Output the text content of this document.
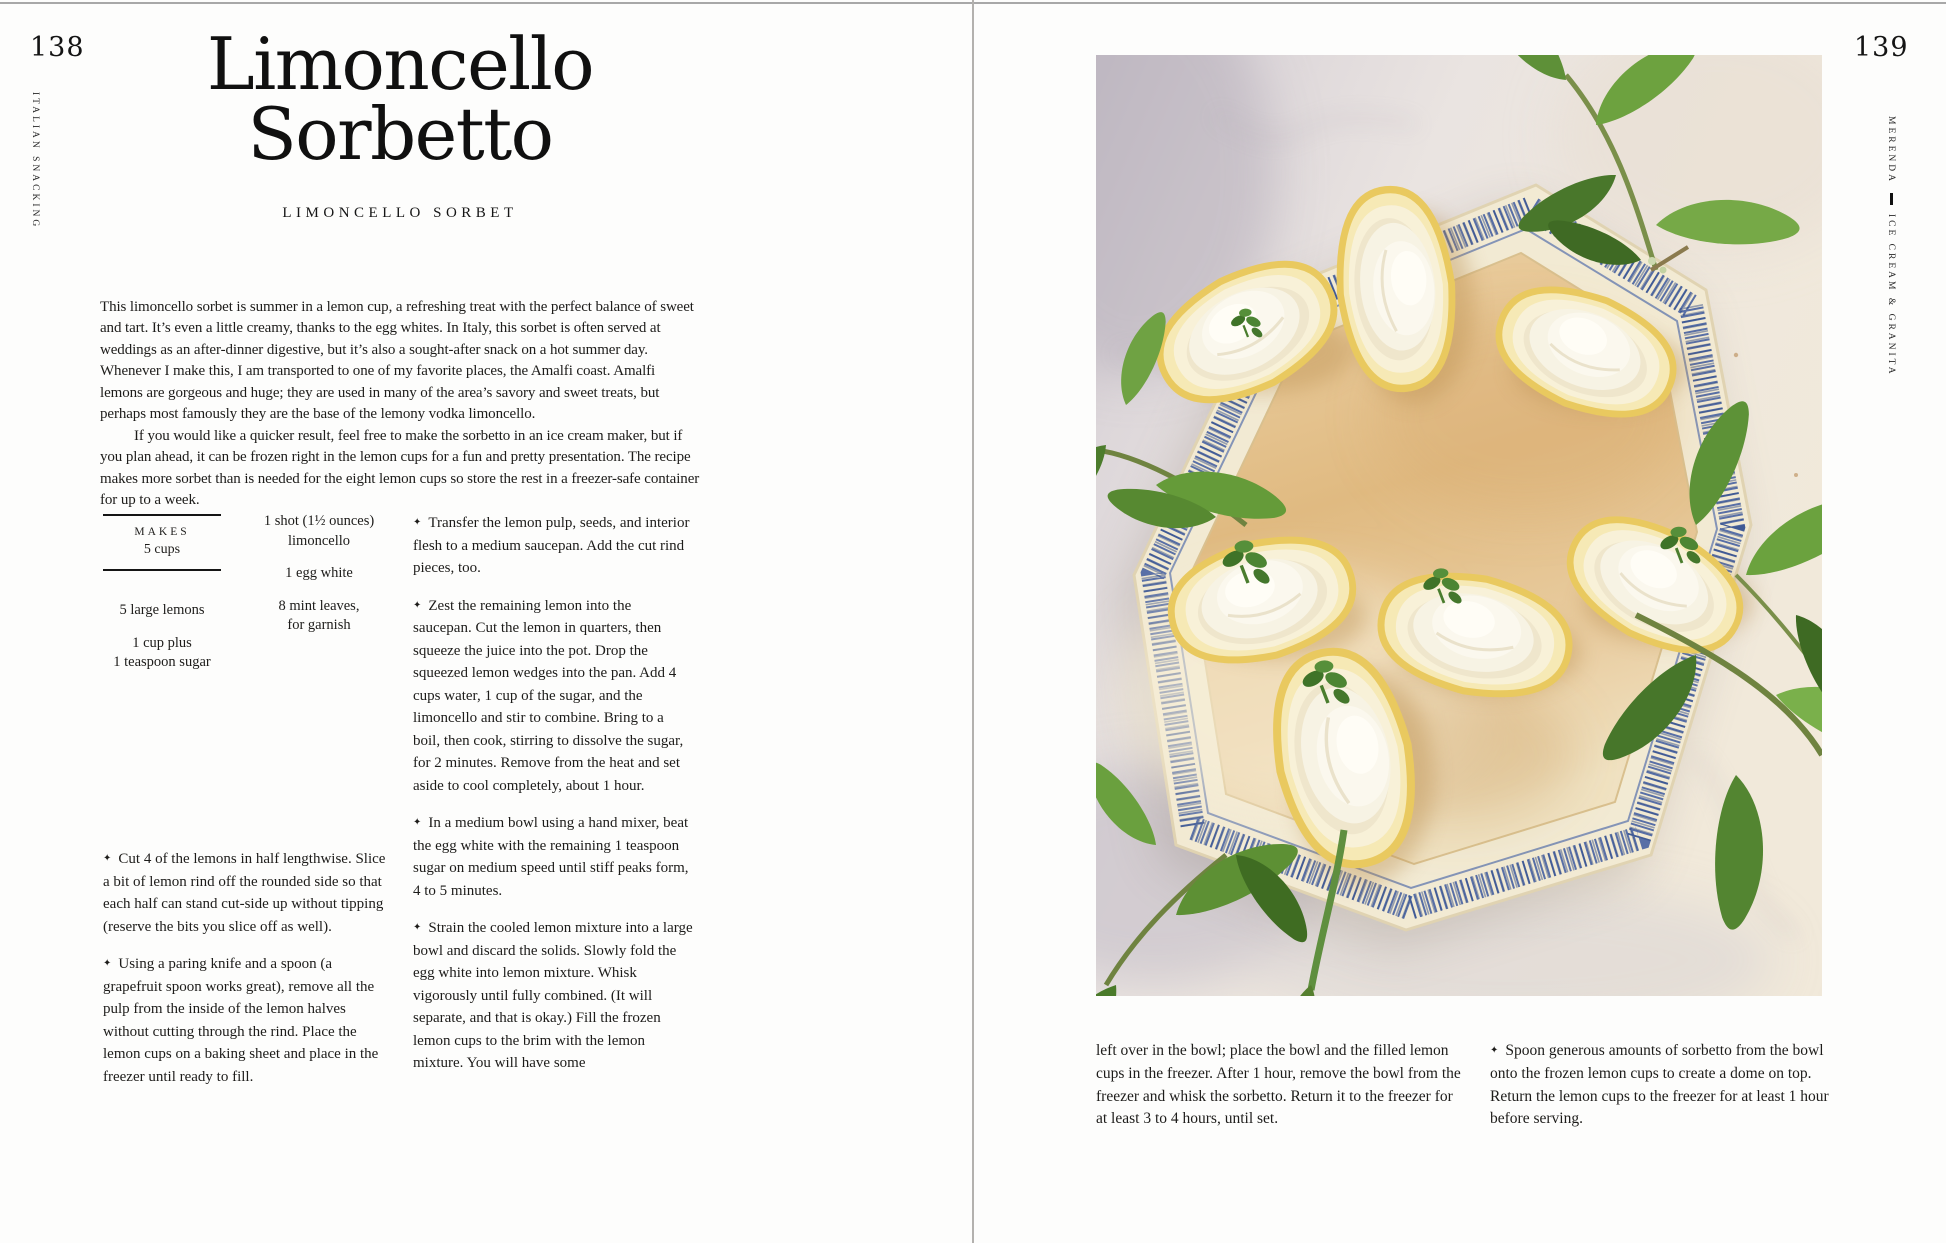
138
ITALIAN SNACKING
Limoncello
Sorbetto
LIMONCELLO SORBET

This limoncello sorbet is summer in a lemon cup, a refreshing treat with the perfect balance of sweet and tart. It’s even a little creamy, thanks to the egg whites. In Italy, this sorbet is often served at weddings as an after-dinner digestive, but it’s also a sought-after snack on a hot summer day. Whenever I make this, I am transported to one of my favorite places, the Amalfi coast. Amalfi lemons are gorgeous and huge; they are used in many of the area’s savory and sweet treats, but perhaps most famously they are the base of the lemony vodka limoncello.

If you would like a quicker result, feel free to make the sorbetto in an ice cream maker, but if you plan ahead, it can be frozen right in the lemon cups for a fun and pretty presentation. The recipe makes more sorbet than is needed for the eight lemon cups so store the rest in a freezer-safe container for up to a week.

MAKES
5 cups
5 large lemons
1 cup plus
1 teaspoon sugar
1 shot (1½ ounces)
limoncello
1 egg white
8 mint leaves,
for garnish

✦ Cut 4 of the lemons in half lengthwise. Slice a bit of lemon rind off the rounded side so that each half can stand cut-side up without tipping (reserve the bits you slice off as well).

✦ Using a paring knife and a spoon (a grapefruit spoon works great), remove all the pulp from the inside of the lemon halves without cutting through the rind. Place the lemon cups on a baking sheet and place in the freezer until ready to fill.

✦ Transfer the lemon pulp, seeds, and interior flesh to a medium saucepan. Add the cut rind pieces, too.

✦ Zest the remaining lemon into the saucepan. Cut the lemon in quarters, then squeeze the juice into the pot. Drop the squeezed lemon wedges into the pan. Add 4 cups water, 1 cup of the sugar, and the limoncello and stir to combine. Bring to a boil, then cook, stirring to dissolve the sugar, for 2 minutes. Remove from the heat and set aside to cool completely, about 1 hour.

✦ In a medium bowl using a hand mixer, beat the egg white with the remaining 1 teaspoon sugar on medium speed until stiff peaks form, 4 to 5 minutes.

✦ Strain the cooled lemon mixture into a large bowl and discard the solids. Slowly fold the egg white into lemon mixture. Whisk vigorously until fully combined. (It will separate, and that is okay.) Fill the frozen lemon cups to the brim with the lemon mixture. You will have some

139
MERENDAICE CREAM & GRANITA

left over in the bowl; place the bowl and the filled lemon cups in the freezer. After 1 hour, remove the bowl from the freezer and whisk the sorbetto. Return it to the freezer for at least 3 to 4 hours, until set.

✦ Spoon generous amounts of sorbetto from the bowl onto the frozen lemon cups to create a dome on top. Return the lemon cups to the freezer for at least 1 hour before serving.
